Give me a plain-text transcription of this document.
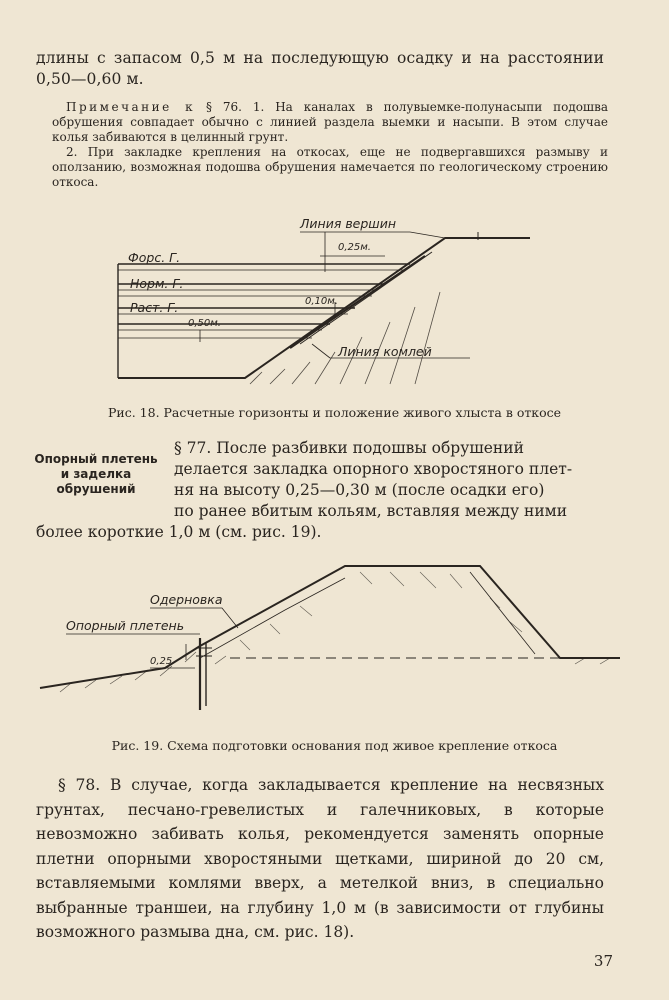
длины с запасом 0,5 м на последующую осадку и на расстоянии 0,50—0,60 м.

Примечание к § 76. 1. На каналах в полувыемке-полунасыпи подошва обрушения совпадает обычно с линией раздела выемки и насыпи. В этом случае колья забиваются в целинный грунт.

2. При закладке крепления на откосах, еще не подвергавшихся размыву и оползанию, возможная подошва обрушения намечается по геологическому строению откоса.

Линия вершин
0,25м.
Форс. Г.
Норм. Г.
0,10м.
Раст. Г.
0,50м.
Линия комлей
Рис. 18. Расчетные горизонты и положение живого хлыста в откосе
Опорный плетень и заделка обрушений
§ 77. После разбивки подошвы обрушений
делается закладка опорного хворостяного плет-
ня на высоту 0,25—0,30 м (после осадки его)
по ранее вбитым кольям, вставляя между ними
более короткие 1,0 м (см. рис. 19).
Одерновка
Опорный плетень
0,25
Рис. 19. Схема подготовки основания под живое крепление откоса

§ 78. В случае, когда закладывается крепление на несвязных грунтах, песчано-гревелистых и галечниковых, в которые невозможно забивать колья, рекомендуется заменять опорные плетни опорными хворостяными щетками, шириной до 20 см, вставляемыми комлями вверх, а метелкой вниз, в специально выбранные траншеи, на глубину 1,0 м (в зависимости от глубины возможного размыва дна, см. рис. 18).

37
